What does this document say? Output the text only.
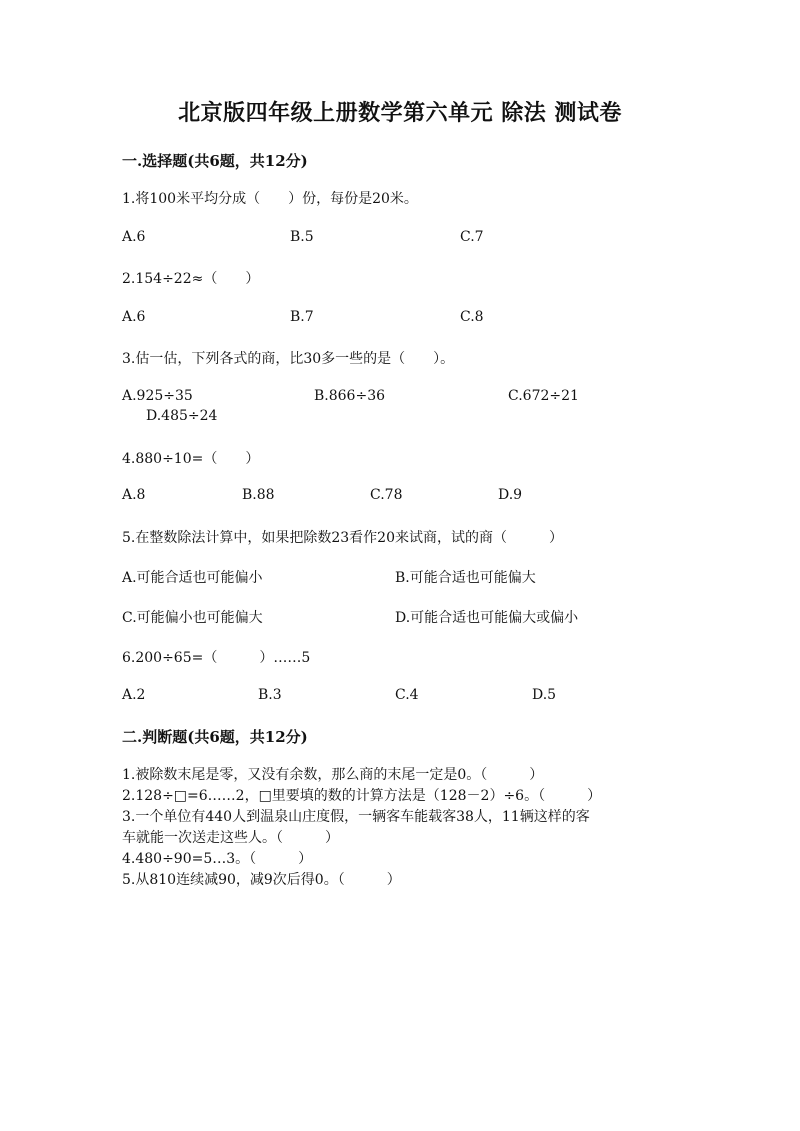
北京版四年级上册数学第六单元 除法 测试卷
一.选择题(共6题，共12分)
1.将100米平均分成（　　）份，每份是20米。
A.6	B.5	C.7
2.154÷22≈（　　）
A.6	B.7	C.8
3.估一估，下列各式的商，比30多一些的是（　　）。
A.925÷35	B.866÷36	C.672÷21
D.485÷24
4.880÷10=（　　）
A.8	B.88	C.78	D.9
5.在整数除法计算中，如果把除数23看作20来试商，试的商（　　　）
A.可能合适也可能偏小	B.可能合适也可能偏大
C.可能偏小也可能偏大	D.可能合适也可能偏大或偏小
6.200÷65=（　　　）……5
A.2	B.3	C.4	D.5
二.判断题(共6题，共12分)
1.被除数末尾是零，又没有余数，那么商的末尾一定是0。（　　　）
2.128÷□=6……2，□里要填的数的计算方法是（128－2）÷6。（　　　）
3.一个单位有440人到温泉山庄度假，一辆客车能载客38人，11辆这样的客
车就能一次送走这些人。（　　　）
4.480÷90=5…3。（　　　）
5.从810连续减90，减9次后得0。（　　　）
